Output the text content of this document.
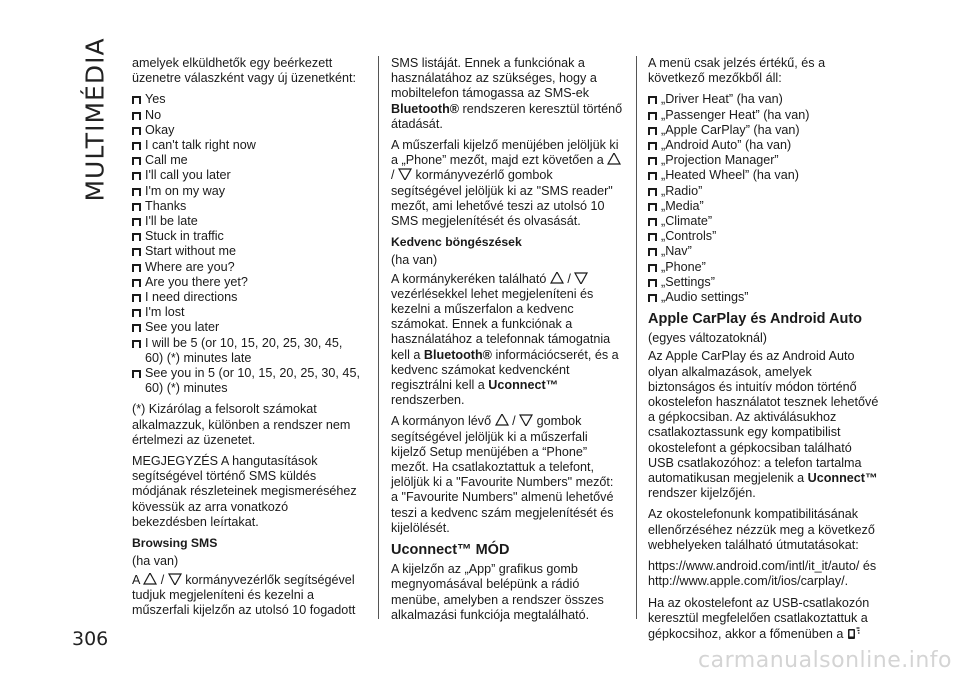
MULTIMÉDIA
306

amelyek elküldhetők egy beérkezett üzenetre válaszként vagy új üzenetként:

Yes
No
Okay
I can't talk right now
Call me
I'll call you later
I'm on my way
Thanks
I'll be late
Stuck in traffic
Start without me
Where are you?
Are you there yet?
I need directions
I'm lost
See you later
I will be 5 (or 10, 15, 20, 25, 30, 45, 60) (*) minutes late
See you in 5 (or 10, 15, 20, 25, 30, 45, 60) (*) minutes

(*) Kizárólag a felsorolt számokat alkalmazzuk, különben a rendszer nem értelmezi az üzenetet.

MEGJEGYZÉS A hangutasítások segítségével történő SMS küldés módjának részleteinek megismeréséhez kövessük az arra vonatkozó bekezdésben leírtakat.

Browsing SMS

(ha van)

A / kormányvezérlők segítségével tudjuk megjeleníteni és kezelni a műszerfali kijelzőn az utolsó 10 fogadott

SMS listáját. Ennek a funkciónak a használatához az szükséges, hogy a mobiltelefon támogassa az SMS-ek Bluetooth® rendszeren keresztül történő átadását.

A műszerfali kijelző menüjében jelöljük ki a „Phone” mezőt, majd ezt követően a
/ kormányvezérlő gombok segítségével jelöljük ki az "SMS reader" mezőt, ami lehetővé teszi az utolsó 10 SMS megjelenítését és olvasását.

Kedvenc böngészések

(ha van)

A kormánykeréken található /
vezérlésekkel lehet megjeleníteni és kezelni a műszerfalon a kedvenc számokat. Ennek a funkciónak a használatához a telefonnak támogatnia kell a Bluetooth® információcserét, és a kedvenc számokat kedvencként regisztrálni kell a Uconnect™ rendszerben.

A kormányon lévő / gombok segítségével jelöljük ki a műszerfali kijelző Setup menüjében a “Phone” mezőt. Ha csatlakoztattuk a telefont, jelöljük ki a "Favourite Numbers" mezőt: a "Favourite Numbers" almenü lehetővé teszi a kedvenc szám megjelenítését és kijelölését.

Uconnect™ MÓD

A kijelzőn az „App” grafikus gomb megnyomásával belépünk a rádió menübe, amelyben a rendszer összes alkalmazási funkciója megtalálható.

A menü csak jelzés értékű, és a következő mezőkből áll:

„Driver Heat” (ha van)
„Passenger Heat” (ha van)
„Apple CarPlay” (ha van)
„Android Auto” (ha van)
„Projection Manager”
„Heated Wheel” (ha van)
„Radio”
„Media”
„Climate”
„Controls”
„Nav”
„Phone”
„Settings”
„Audio settings”
Apple CarPlay és Android Auto

(egyes változatoknál)

Az Apple CarPlay és az Android Auto olyan alkalmazások, amelyek biztonságos és intuitív módon történő okostelefon használatot tesznek lehetővé a gépkocsiban. Az aktiválásukhoz csatlakoztassunk egy kompatibilist okostelefont a gépkocsiban található USB csatlakozóhoz: a telefon tartalma automatikusan megjelenik a Uconnect™ rendszer kijelzőjén.

Az okostelefonunk kompatibilitásának ellenőrzéséhez nézzük meg a következő webhelyeken található útmutatásokat:

https://www.android.com/intl/it_it/auto/ és http://www.apple.com/it/ios/carplay/.

Ha az okostelefont az USB-csatlakozón keresztül megfelelően csatlakoztattuk a gépkocsihoz, akkor a főmenüben a

carmanualsonline.info
